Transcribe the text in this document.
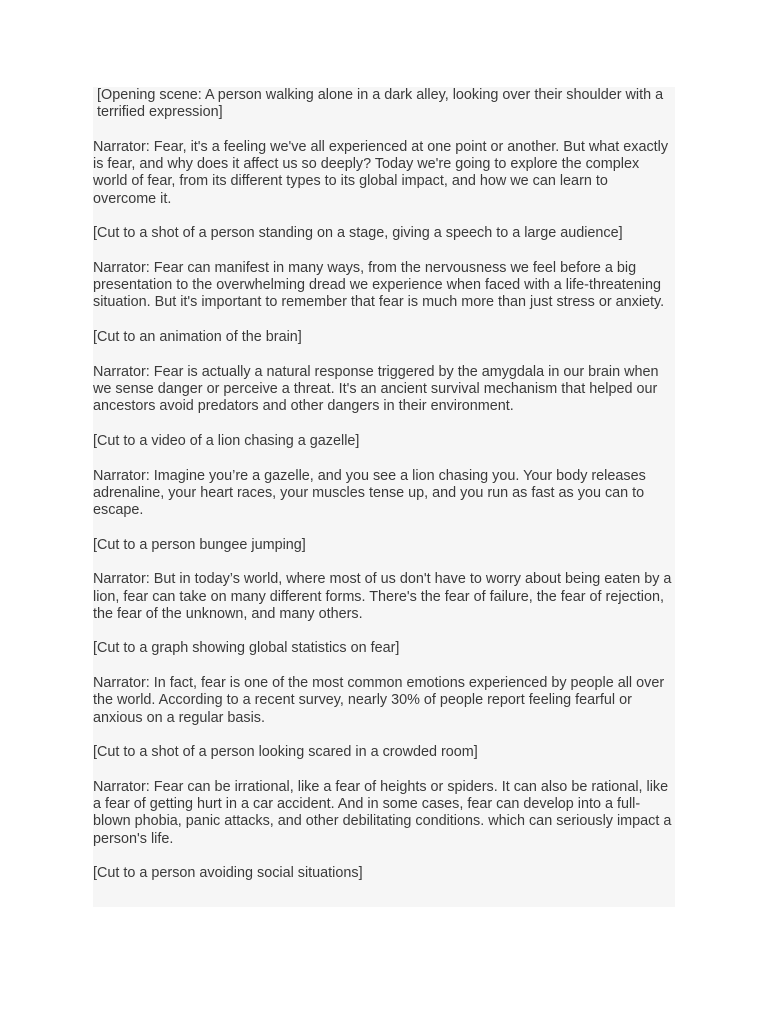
[Opening scene: A person walking alone in a dark alley, looking over their shoulder with a terrified expression]

Narrator: Fear, it's a feeling we've all experienced at one point or another. But what exactly is fear, and why does it affect us so deeply? Today we're going to explore the complex world of fear, from its different types to its global impact, and how we can learn to overcome it.

[Cut to a shot of a person standing on a stage, giving a speech to a large audience]

Narrator: Fear can manifest in many ways, from the nervousness we feel before a big presentation to the overwhelming dread we experience when faced with a life-threatening situation. But it's important to remember that fear is much more than just stress or anxiety.

[Cut to an animation of the brain]

Narrator: Fear is actually a natural response triggered by the amygdala in our brain when we sense danger or perceive a threat. It's an ancient survival mechanism that helped our ancestors avoid predators and other dangers in their environment.

[Cut to a video of a lion chasing a gazelle]

Narrator: Imagine you’re a gazelle, and you see a lion chasing you. Your body releases adrenaline, your heart races, your muscles tense up, and you run as fast as you can to escape.

[Cut to a person bungee jumping]

Narrator: But in today’s world, where most of us don't have to worry about being eaten by a lion, fear can take on many different forms. There's the fear of failure, the fear of rejection, the fear of the unknown, and many others.

[Cut to a graph showing global statistics on fear]

Narrator: In fact, fear is one of the most common emotions experienced by people all over the world. According to a recent survey, nearly 30% of people report feeling fearful or anxious on a regular basis.

[Cut to a shot of a person looking scared in a crowded room]

Narrator: Fear can be irrational, like a fear of heights or spiders. It can also be rational, like a fear of getting hurt in a car accident. And in some cases, fear can develop into a full-blown phobia, panic attacks, and other debilitating conditions. which can seriously impact a person's life.

[Cut to a person avoiding social situations]
